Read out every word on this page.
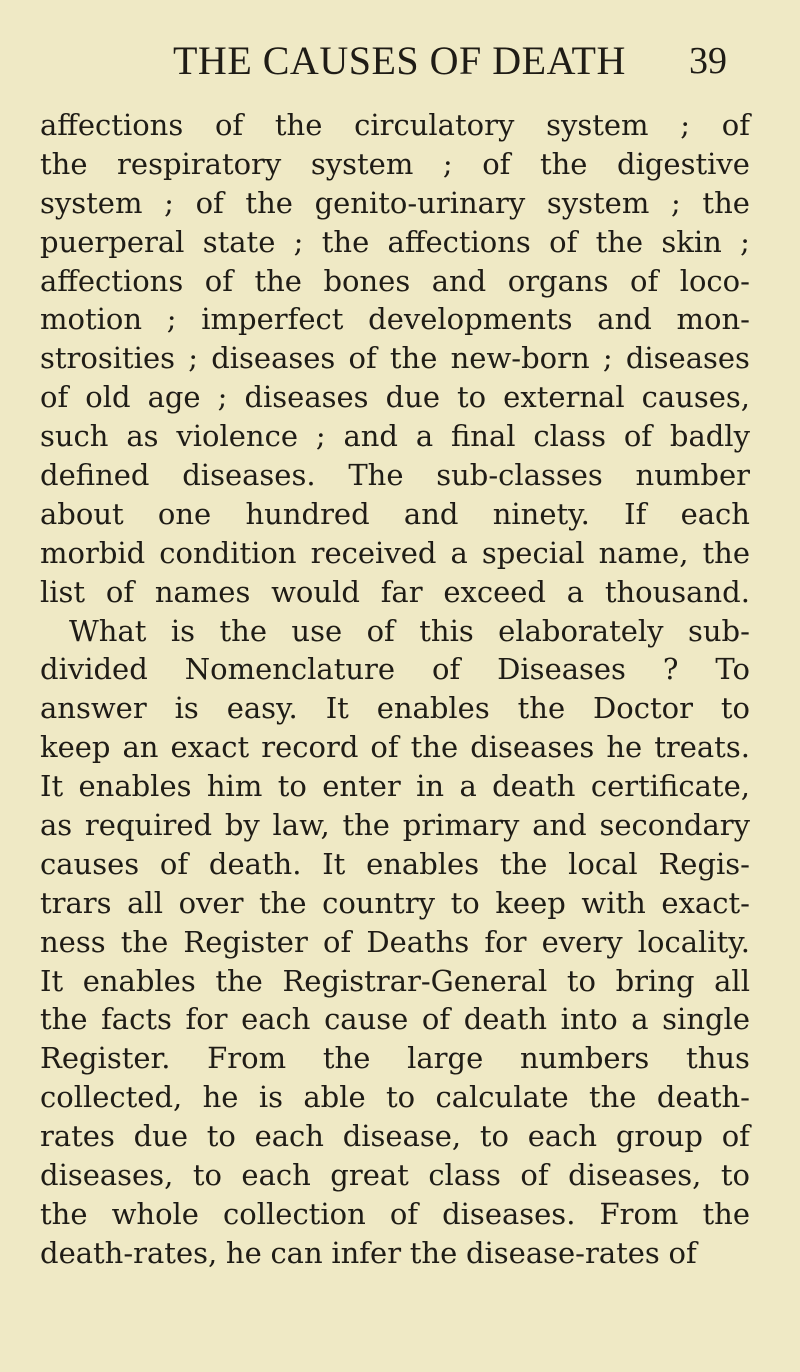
THE CAUSES OF DEATH 39
affections of the circulatory system ; of
the respiratory system ; of the digestive
system ; of the genito-urinary system ; the
puerperal state ; the affections of the skin ;
affections of the bones and organs of loco-
motion ; imperfect developments and mon-
strosities ; diseases of the new-born ; diseases
of old age ; diseases due to external causes,
such as violence ; and a final class of badly
defined diseases. The sub-classes number
about one hundred and ninety. If each
morbid condition received a special name, the
list of names would far exceed a thousand.
What is the use of this elaborately sub-
divided Nomenclature of Diseases ? To
answer is easy. It enables the Doctor to
keep an exact record of the diseases he treats.
It enables him to enter in a death certificate,
as required by law, the primary and secondary
causes of death. It enables the local Regis-
trars all over the country to keep with exact-
ness the Register of Deaths for every locality.
It enables the Registrar-General to bring all
the facts for each cause of death into a single
Register. From the large numbers thus
collected, he is able to calculate the death-
rates due to each disease, to each group of
diseases, to each great class of diseases, to
the whole collection of diseases. From the
death-rates, he can infer the disease-rates of
